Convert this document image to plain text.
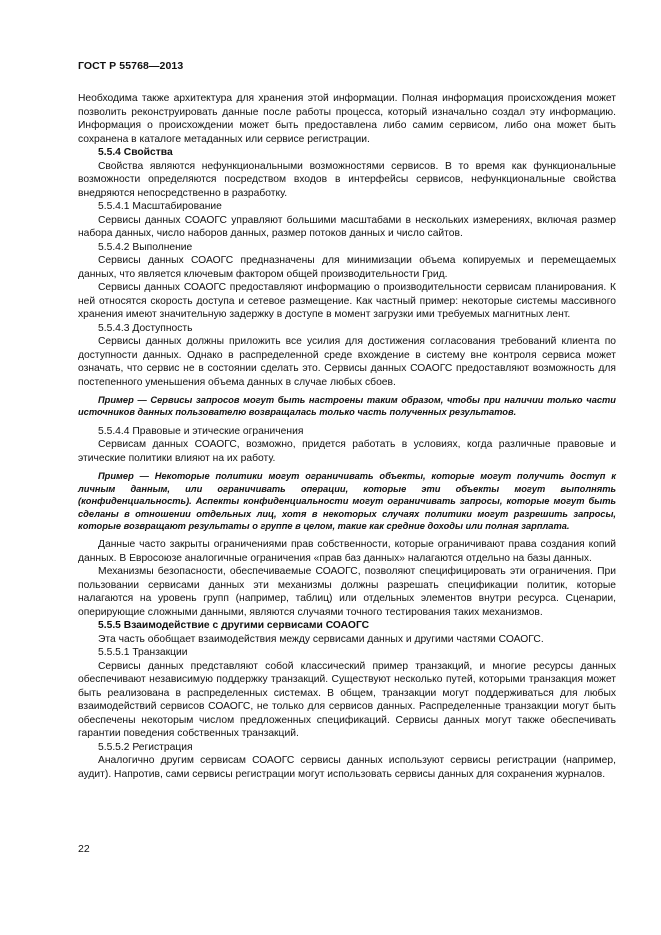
ГОСТ Р 55768—2013

Необходима также архитектура для хранения этой информации. Полная информация происхождения может позволить реконструировать данные после работы процесса, который изначально создал эту информацию. Информация о происхождении может быть предоставлена либо самим сервисом, либо она может быть сохранена в каталоге метаданных или сервисе регистрации.

5.5.4 Свойства

Свойства являются нефункциональными возможностями сервисов. В то время как функциональные возможности определяются посредством входов в интерфейсы сервисов, нефункциональные свойства внедряются непосредственно в разработку.

5.5.4.1 Масштабирование

Сервисы данных СОАОГС управляют большими масштабами в нескольких измерениях, включая размер набора данных, число наборов данных, размер потоков данных и число сайтов.

5.5.4.2 Выполнение

Сервисы данных СОАОГС предназначены для минимизации объема копируемых и перемещаемых данных, что является ключевым фактором общей производительности Грид.

Сервисы данных СОАОГС предоставляют информацию о производительности сервисам планирования. К ней относятся скорость доступа и сетевое размещение. Как частный пример: некоторые системы массивного хранения имеют значительную задержку в доступе в момент загрузки ими требуемых магнитных лент.

5.5.4.3 Доступность

Сервисы данных должны приложить все усилия для достижения согласования требований клиента по доступности данных. Однако в распределенной среде вхождение в систему вне контроля сервиса может означать, что сервис не в состоянии сделать это. Сервисы данных СОАОГС предоставляют возможность для постепенного уменьшения объема данных в случае любых сбоев.

Пример — Сервисы запросов могут быть настроены таким образом, чтобы при наличии только части источников данных пользователю возвращалась только часть полученных результатов.

5.5.4.4 Правовые и этические ограничения

Сервисам данных СОАОГС, возможно, придется работать в условиях, когда различные правовые и этические политики влияют на их работу.

Пример — Некоторые политики могут ограничивать объекты, которые могут получить доступ к личным данным, или ограничивать операции, которые эти объекты могут выполнять (конфиденциальность). Аспекты конфиденциальности могут ограничивать запросы, которые могут быть сделаны в отношении отдельных лиц, хотя в некоторых случаях политики могут разрешить запросы, которые возвращают результаты о группе в целом, такие как средние доходы или полная зарплата.

Данные часто закрыты ограничениями прав собственности, которые ограничивают права создания копий данных. В Евросоюзе аналогичные ограничения «прав баз данных» налагаются отдельно на базы данных.

Механизмы безопасности, обеспечиваемые СОАОГС, позволяют специфицировать эти ограничения. При пользовании сервисами данных эти механизмы должны разрешать спецификации политик, которые налагаются на уровень групп (например, таблиц) или отдельных элементов внутри ресурса. Сценарии, оперирующие сложными данными, являются случаями точного тестирования таких механизмов.

5.5.5 Взаимодействие с другими сервисами СОАОГС

Эта часть обобщает взаимодействия между сервисами данных и другими частями СОАОГС.

5.5.5.1 Транзакции

Сервисы данных представляют собой классический пример транзакций, и многие ресурсы данных обеспечивают независимую поддержку транзакций. Существуют несколько путей, которыми транзакция может быть реализована в распределенных системах. В общем, транзакции могут поддерживаться для любых взаимодействий сервисов СОАОГС, не только для сервисов данных. Распределенные транзакции могут быть обеспечены некоторым числом предложенных спецификаций. Сервисы данных могут также обеспечивать гарантии поведения собственных транзакций.

5.5.5.2 Регистрация

Аналогично другим сервисам СОАОГС сервисы данных используют сервисы регистрации (например, аудит). Напротив, сами сервисы регистрации могут использовать сервисы данных для сохранения журналов.

22
